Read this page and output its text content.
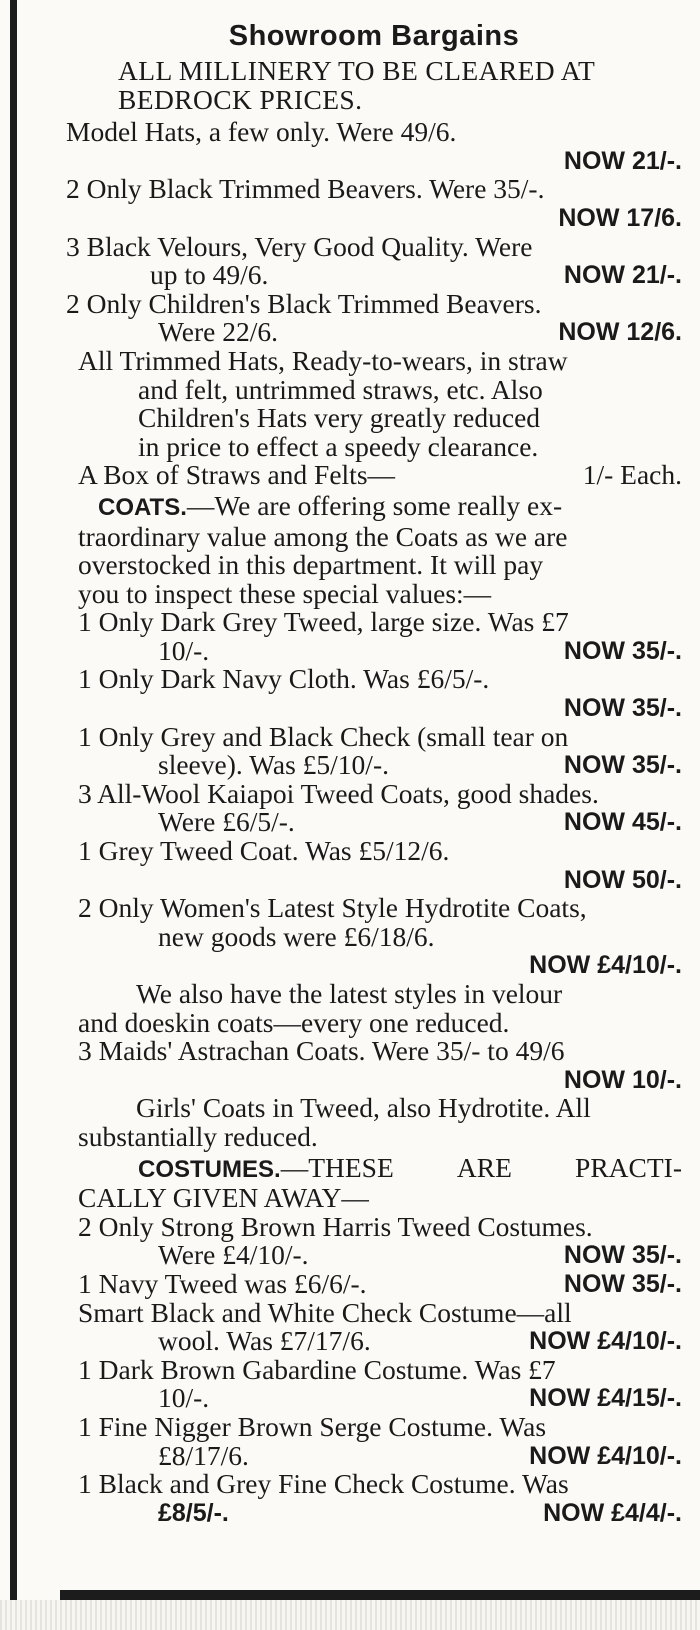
Showroom Bargains
ALL MILLINERY TO BE CLEARED AT
BEDROCK PRICES.
Model Hats, a few only. Were 49/6.
NOW 21/-.
2 Only Black Trimmed Beavers. Were 35/-.
NOW 17/6.
3 Black Velours, Very Good Quality. Were
up to 49/6.	NOW 21/-.
2 Only Children's Black Trimmed Beavers.
Were 22/6.	NOW 12/6.
All Trimmed Hats, Ready-to-wears, in straw
and felt, untrimmed straws, etc. Also
Children's Hats very greatly reduced
in price to effect a speedy clearance.
A Box of Straws and Felts—	1/- Each.
COATS.—We are offering some really ex-
traordinary value among the Coats as we are
overstocked in this department. It will pay
you to inspect these special values:—
1 Only Dark Grey Tweed, large size. Was £7
10/-.	NOW 35/-.
1 Only Dark Navy Cloth. Was £6/5/-.
NOW 35/-.
1 Only Grey and Black Check (small tear on
sleeve). Was £5/10/-.	NOW 35/-.
3 All-Wool Kaiapoi Tweed Coats, good shades.
Were £6/5/-.	NOW 45/-.
1 Grey Tweed Coat. Was £5/12/6.
NOW 50/-.
2 Only Women's Latest Style Hydrotite Coats,
new goods were £6/18/6.
NOW £4/10/-.
We also have the latest styles in velour
and doeskin coats—every one reduced.
3 Maids' Astrachan Coats. Were 35/- to 49/6
NOW 10/-.
Girls' Coats in Tweed, also Hydrotite. All
substantially reduced.
COSTUMES.—THESE ARE PRACTI-
CALLY GIVEN AWAY—
2 Only Strong Brown Harris Tweed Costumes.
Were £4/10/-.	NOW 35/-.
1 Navy Tweed was £6/6/-.	NOW 35/-.
Smart Black and White Check Costume—all
wool. Was £7/17/6.	NOW £4/10/-.
1 Dark Brown Gabardine Costume. Was £7
10/-.	NOW £4/15/-.
1 Fine Nigger Brown Serge Costume. Was
£8/17/6.	NOW £4/10/-.
1 Black and Grey Fine Check Costume. Was
£8/5/-.	NOW £4/4/-.
